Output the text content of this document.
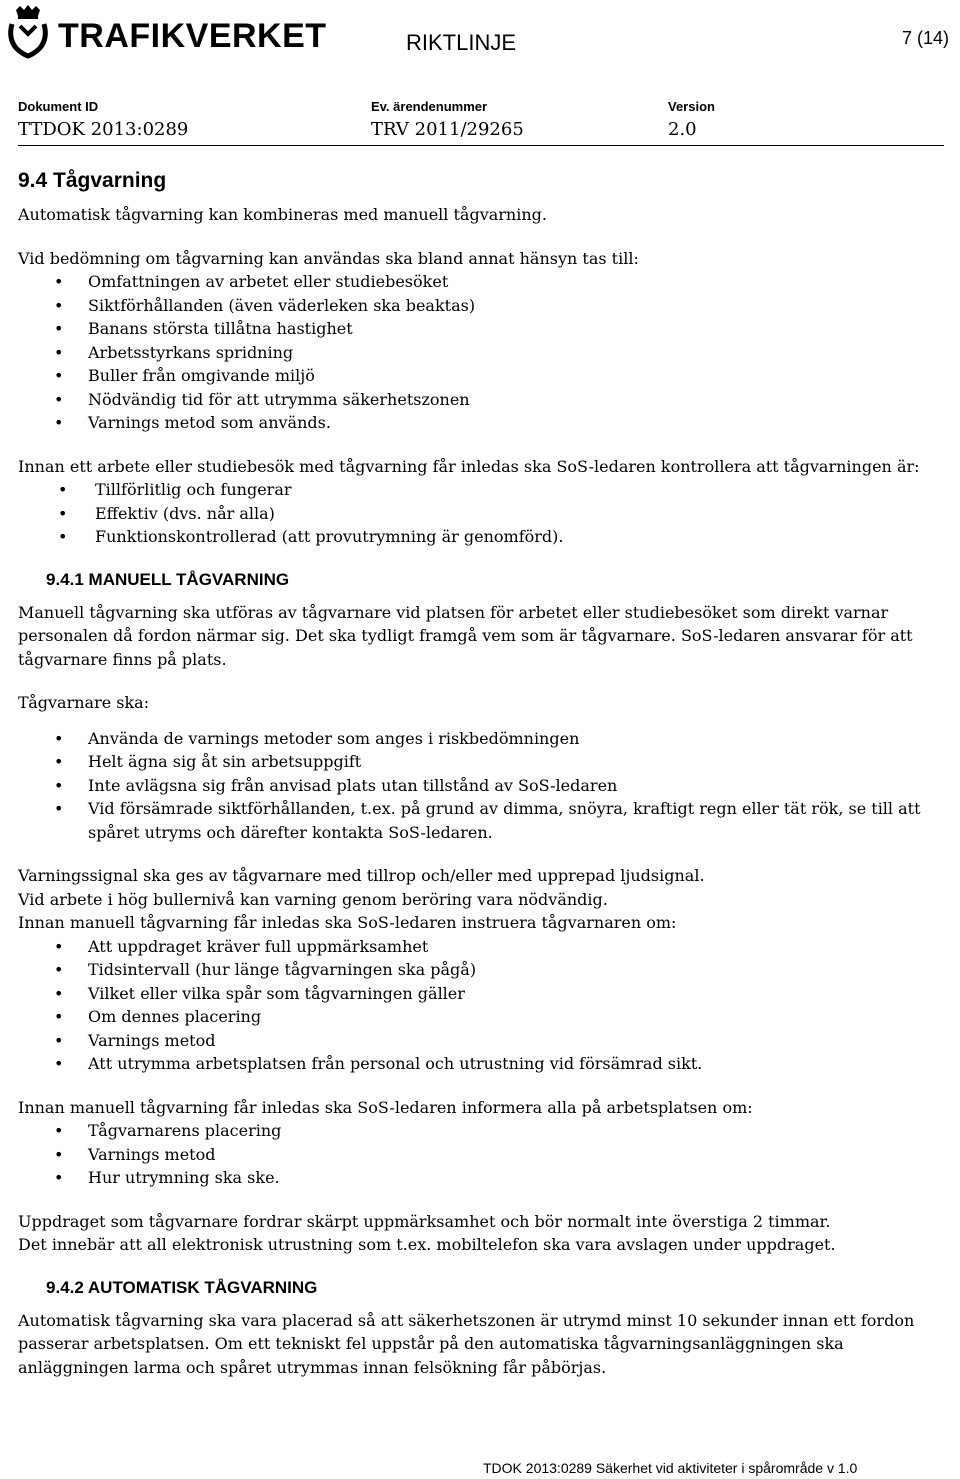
TRAFIKVERKET	RIKTLINJE	7 (14)
Dokument ID
TTDOK 2013:0289
Ev. ärendenummer
TRV 2011/29265
Version
2.0
9.4 Tågvarning

Automatisk tågvarning kan kombineras med manuell tågvarning.

Vid bedömning om tågvarning kan användas ska bland annat hänsyn tas till:

• Omfattningen av arbetet eller studiebesöket
• Siktförhållanden (även väderleken ska beaktas)
• Banans största tillåtna hastighet
• Arbetsstyrkans spridning
• Buller från omgivande miljö
• Nödvändig tid för att utrymma säkerhetszonen
• Varnings metod som används.

Innan ett arbete eller studiebesök med tågvarning får inledas ska SoS-ledaren kontrollera att tågvarningen är:

• Tillförlitlig och fungerar
• Effektiv (dvs. når alla)
• Funktionskontrollerad (att provutrymning är genomförd).
9.4.1 MANUELL TÅGVARNING

Manuell tågvarning ska utföras av tågvarnare vid platsen för arbetet eller studiebesöket som direkt varnar personalen då fordon närmar sig. Det ska tydligt framgå vem som är tågvarnare. SoS-ledaren ansvarar för att tågvarnare finns på plats.

Tågvarnare ska:

• Använda de varnings metoder som anges i riskbedömningen
• Helt ägna sig åt sin arbetsuppgift
• Inte avlägsna sig från anvisad plats utan tillstånd av SoS-ledaren
• Vid försämrade siktförhållanden, t.ex. på grund av dimma, snöyra, kraftigt regn eller tät rök, se till att spåret utryms och därefter kontakta SoS-ledaren.

Varningssignal ska ges av tågvarnare med tillrop och/eller med upprepad ljudsignal.

Vid arbete i hög bullernivå kan varning genom beröring vara nödvändig.

Innan manuell tågvarning får inledas ska SoS-ledaren instruera tågvarnaren om:

• Att uppdraget kräver full uppmärksamhet
• Tidsintervall (hur länge tågvarningen ska pågå)
• Vilket eller vilka spår som tågvarningen gäller
• Om dennes placering
• Varnings metod
• Att utrymma arbetsplatsen från personal och utrustning vid försämrad sikt.

Innan manuell tågvarning får inledas ska SoS-ledaren informera alla på arbetsplatsen om:

• Tågvarnarens placering
• Varnings metod
• Hur utrymning ska ske.

Uppdraget som tågvarnare fordrar skärpt uppmärksamhet och bör normalt inte överstiga 2 timmar.

Det innebär att all elektronisk utrustning som t.ex. mobiltelefon ska vara avslagen under uppdraget.

9.4.2 AUTOMATISK TÅGVARNING

Automatisk tågvarning ska vara placerad så att säkerhetszonen är utrymd minst 10 sekunder innan ett fordon passerar arbetsplatsen. Om ett tekniskt fel uppstår på den automatiska tågvarningsanläggningen ska anläggningen larma och spåret utrymmas innan felsökning får påbörjas.

TDOK 2013:0289 Säkerhet vid aktiviteter i spårområde v 1.0
